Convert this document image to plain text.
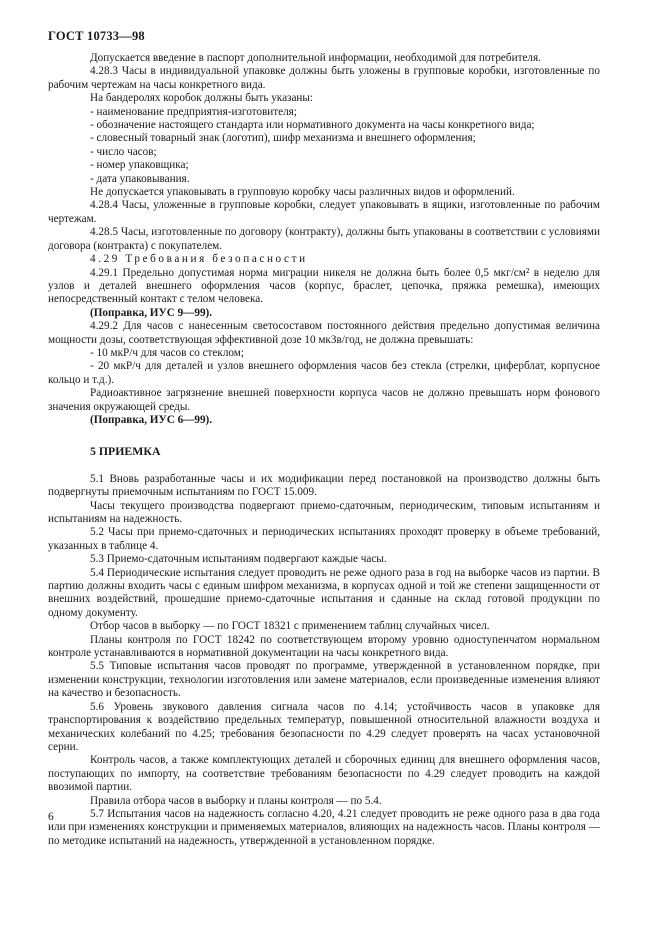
ГОСТ 10733—98

Допускается введение в паспорт дополнительной информации, необходимой для потребителя.

4.28.3 Часы в индивидуальной упаковке должны быть уложены в групповые коробки, изготовленные по рабочим чертежам на часы конкретного вида.

На бандеролях коробок должны быть указаны:

- наименование предприятия-изготовителя;

- обозначение настоящего стандарта или нормативного документа на часы конкретного вида;

- словесный товарный знак (логотип), шифр механизма и внешнего оформления;

- число часов;

- номер упаковщика;

- дата упаковывания.

Не допускается упаковывать в групповую коробку часы различных видов и оформлений.

4.28.4 Часы, уложенные в групповые коробки, следует упаковывать в ящики, изготовленные по рабочим чертежам.

4.28.5 Часы, изготовленные по договору (контракту), должны быть упакованы в соответствии с условиями договора (контракта) с покупателем.

4.29 Требования безопасности

4.29.1 Предельно допустимая норма миграции никеля не должна быть более 0,5 мкг/см² в неделю для узлов и деталей внешнего оформления часов (корпус, браслет, цепочка, пряжка ремешка), имеющих непосредственный контакт с телом человека.

(Поправка, ИУС 9—99).

4.29.2 Для часов с нанесенным светосоставом постоянного действия предельно допустимая величина мощности дозы, соответствующая эффективной дозе 10 мкЗв/год, не должна превышать:

- 10 мкР/ч для часов со стеклом;

- 20 мкР/ч для деталей и узлов внешнего оформления часов без стекла (стрелки, циферблат, корпусное кольцо и т.д.).

Радиоактивное загрязнение внешней поверхности корпуса часов не должно превышать норм фонового значения окружающей среды.

(Поправка, ИУС 6—99).

5 ПРИЕМКА

5.1 Вновь разработанные часы и их модификации перед постановкой на производство должны быть подвергнуты приемочным испытаниям по ГОСТ 15.009.

Часы текущего производства подвергают приемо-сдаточным, периодическим, типовым испытаниям и испытаниям на надежность.

5.2 Часы при приемо-сдаточных и периодических испытаниях проходят проверку в объеме требований, указанных в таблице 4.

5.3 Приемо-сдаточным испытаниям подвергают каждые часы.

5.4 Периодические испытания следует проводить не реже одного раза в год на выборке часов из партии. В партию должны входить часы с единым шифром механизма, в корпусах одной и той же степени защищенности от внешних воздействий, прошедшие приемо-сдаточные испытания и сданные на склад готовой продукции по одному документу.

Отбор часов в выборку — по ГОСТ 18321 с применением таблиц случайных чисел.

Планы контроля по ГОСТ 18242 по соответствующем второму уровню одноступенчатом нормальном контроле устанавливаются в нормативной документации на часы конкретного вида.

5.5 Типовые испытания часов проводят по программе, утвержденной в установленном порядке, при изменении конструкции, технологии изготовления или замене материалов, если произведенные изменения влияют на качество и безопасность.

5.6 Уровень звукового давления сигнала часов по 4.14; устойчивость часов в упаковке для транспортирования к воздействию предельных температур, повышенной относительной влажности воздуха и механических колебаний по 4.25; требования безопасности по 4.29 следует проверять на часах установочной серии.

Контроль часов, а также комплектующих деталей и сборочных единиц для внешнего оформления часов, поступающих по импорту, на соответствие требованиям безопасности по 4.29 следует проводить на каждой ввозимой партии.

Правила отбора часов в выборку и планы контроля — по 5.4.

5.7 Испытания часов на надежность согласно 4.20, 4.21 следует проводить не реже одного раза в два года или при изменениях конструкции и применяемых материалов, влияющих на надежность часов. Планы контроля — по методике испытаний на надежность, утвержденной в установленном порядке.

6
